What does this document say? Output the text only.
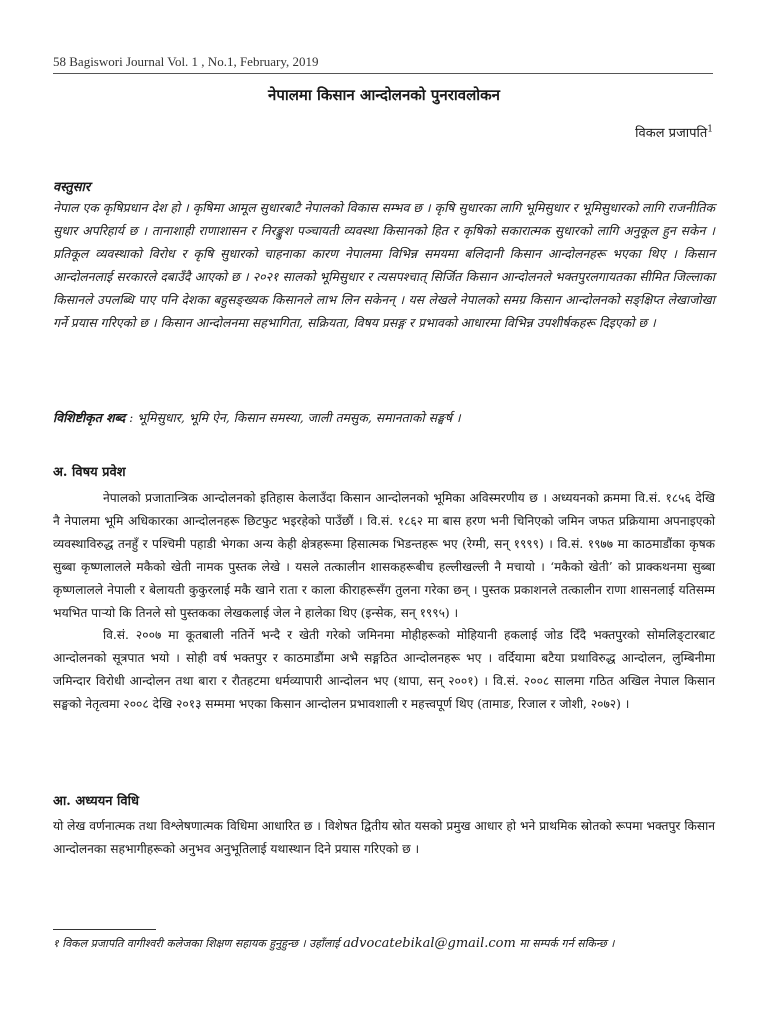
58 Bagiswori Journal Vol. 1 , No.1, February, 2019
नेपालमा किसान आन्दोलनको पुनरावलोकन
विकल प्रजापति$^1$
वस्तुसार
नेपाल एक कृषिप्रधान देश हो । कृषिमा आमूल सुधारबाटै नेपालको विकास सम्भव छ । कृषि सुधारका लागि भूमिसुधार र भूमिसुधारको लागि राजनीतिक सुधार अपरिहार्य छ । तानाशाही राणाशासन र निरङ्कुश पञ्चायती व्यवस्था किसानको हित र कृषिको सकारात्मक सुधारको लागि अनुकूल हुन सकेन । प्रतिकूल व्यवस्थाको विरोध र कृषि सुधारको चाहनाका कारण नेपालमा विभिन्न समयमा बलिदानी किसान आन्दोलनहरू भएका थिए । किसान आन्दोलनलाई सरकारले दबाउँदै आएको छ । २०२१ सालको भूमिसुधार र त्यसपश्चात् सिर्जित किसान आन्दोलनले भक्तपुरलगायतका सीमित जिल्लाका किसानले उपलब्धि पाए पनि देशका बहुसङ्ख्यक किसानले लाभ लिन सकेनन् । यस लेखले नेपालको समग्र किसान आन्दोलनको सङ्क्षिप्त लेखाजोखा गर्ने प्रयास गरिएको छ । किसान आन्दोलनमा सहभागिता, सक्रियता, विषय प्रसङ्ग र प्रभावको आधारमा विभिन्न उपशीर्षकहरू दिइएको छ ।
विशिष्टीकृत शब्द : भूमिसुधार, भूमि ऐन, किसान समस्या, जाली तमसुक, समानताको सङ्घर्ष ।
अ. विषय प्रवेश

नेपालको प्रजातान्त्रिक आन्दोलनको इतिहास केलाउँदा किसान आन्दोलनको भूमिका अविस्मरणीय छ । अध्ययनको क्रममा वि.सं. १८५६ देखि नै नेपालमा भूमि अधिकारका आन्दोलनहरू छिटफुट भइरहेको पाउँछौं । वि.सं. १८६२ मा बास हरण भनी चिनिएको जमिन जफत प्रक्रियामा अपनाइएको व्यवस्थाविरुद्ध तनहुँ र पश्चिमी पहाडी भेगका अन्य केही क्षेत्रहरूमा हिसात्मक भिडन्तहरू भए (रेग्मी, सन् १९९९) । वि.सं. १९७७ मा काठमाडौंका कृषक सुब्बा कृष्णलालले मकैको खेती नामक पुस्तक लेखे । यसले तत्कालीन शासकहरूबीच हल्लीखल्ली नै मचायो । ‘मकैको खेती’ को प्राक्कथनमा सुब्बा कृष्णलालले नेपाली र बेलायती कुकुरलाई मकै खाने राता र काला कीराहरूसँग तुलना गरेका छन् । पुस्तक प्रकाशनले तत्कालीन राणा शासनलाई यतिसम्म भयभित पार्‍यो कि तिनले सो पुस्तकका लेखकलाई जेल ने हालेका थिए (इन्सेक, सन् १९९५) ।

वि.सं. २००७ मा कूतबाली नतिर्ने भन्दै र खेती गरेको जमिनमा मोहीहरूको मोहियानी हकलाई जोड दिँदै भक्तपुरको सोमलिङ्टारबाट आन्दोलनको सूत्रपात भयो । सोही वर्ष भक्तपुर र काठमाडौंमा अभै सङ्गठित आन्दोलनहरू भए । वर्दियामा बटैया प्रथाविरुद्ध आन्दोलन, लुम्बिनीमा जमिन्दार विरोधी आन्दोलन तथा बारा र रौतहटमा धर्मव्यापारी आन्दोलन भए (थापा, सन् २००१) । वि.सं. २००८ सालमा गठित अखिल नेपाल किसान सङ्घको नेतृत्वमा २००८ देखि २०१३ सम्ममा भएका किसान आन्दोलन प्रभावशाली र महत्त्वपूर्ण थिए (तामाङ, रिजाल र जोशी, २०७२) ।

आ. अध्ययन विधि

यो लेख वर्णनात्मक तथा विश्लेषणात्मक विधिमा आधारित छ । विशेषत द्वितीय स्रोत यसको प्रमुख आधार हो भने प्राथमिक स्रोतको रूपमा भक्तपुर किसान आन्दोलनका सहभागीहरूको अनुभव अनुभूतिलाई यथास्थान दिने प्रयास गरिएको छ ।

१ विकल प्रजापति वागीश्वरी कलेजका शिक्षण सहायक हुनुहुन्छ । उहाँलाई advocatebikal@gmail.com मा सम्पर्क गर्न सकिन्छ ।
